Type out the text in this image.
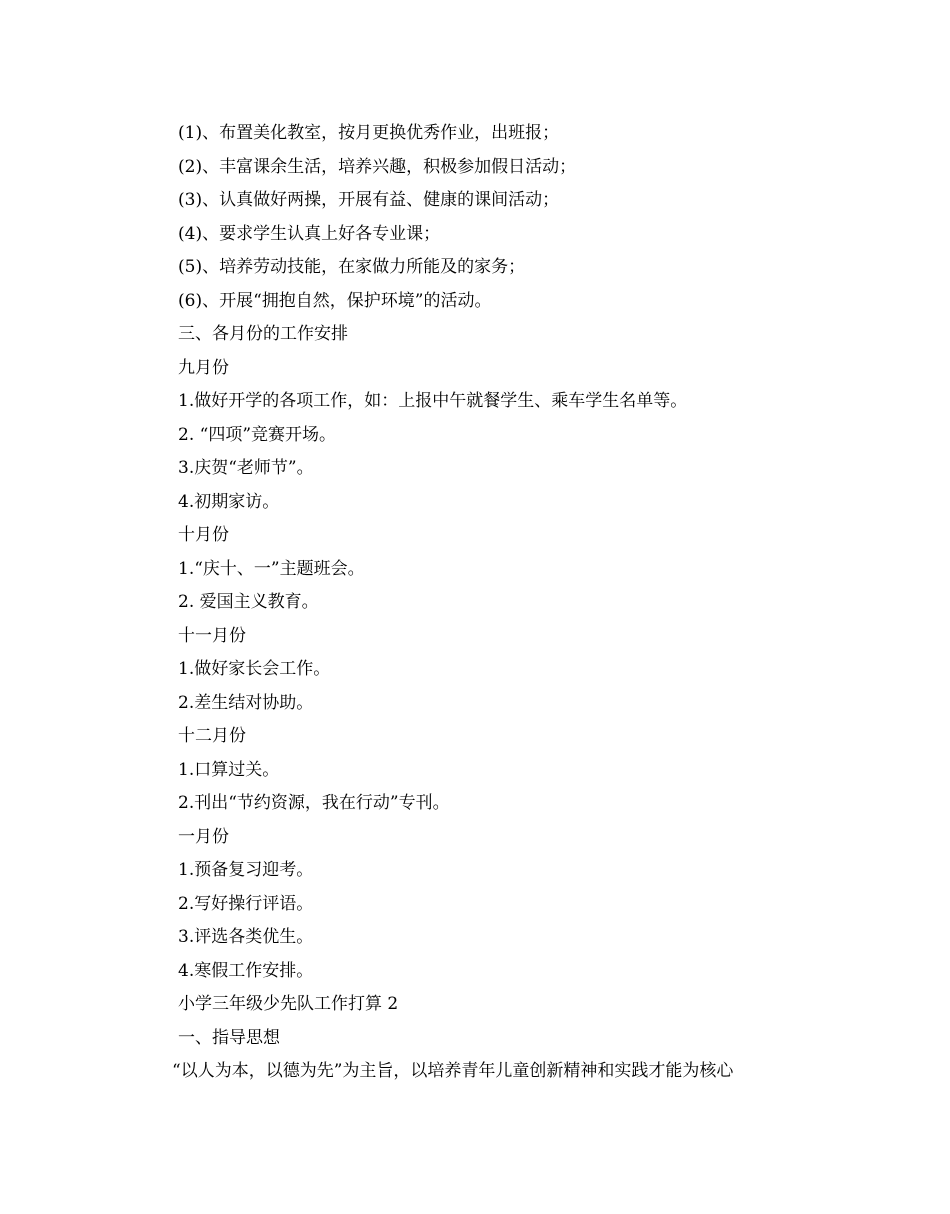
(1)、布置美化教室，按月更换优秀作业，出班报；
(2)、丰富课余生活，培养兴趣，积极参加假日活动；
(3)、认真做好两操，开展有益、健康的课间活动；
(4)、要求学生认真上好各专业课；
(5)、培养劳动技能，在家做力所能及的家务；
(6)、开展“拥抱自然，保护环境”的活动。
三、各月份的工作安排
九月份
1.做好开学的各项工作，如：上报中午就餐学生、乘车学生名单等。
2. “四项”竞赛开场。
3.庆贺“老师节”。
4.初期家访。
十月份
1.“庆十、一”主题班会。
2. 爱国主义教育。
十一月份
1.做好家长会工作。
2.差生结对协助。
十二月份
1.口算过关。
2.刊出“节约资源，我在行动”专刊。
一月份
1.预备复习迎考。
2.写好操行评语。
3.评选各类优生。
4.寒假工作安排。
小学三年级少先队工作打算 2
一、指导思想
“以人为本，以德为先”为主旨，以培养青年儿童创新精神和实践才能为核心
